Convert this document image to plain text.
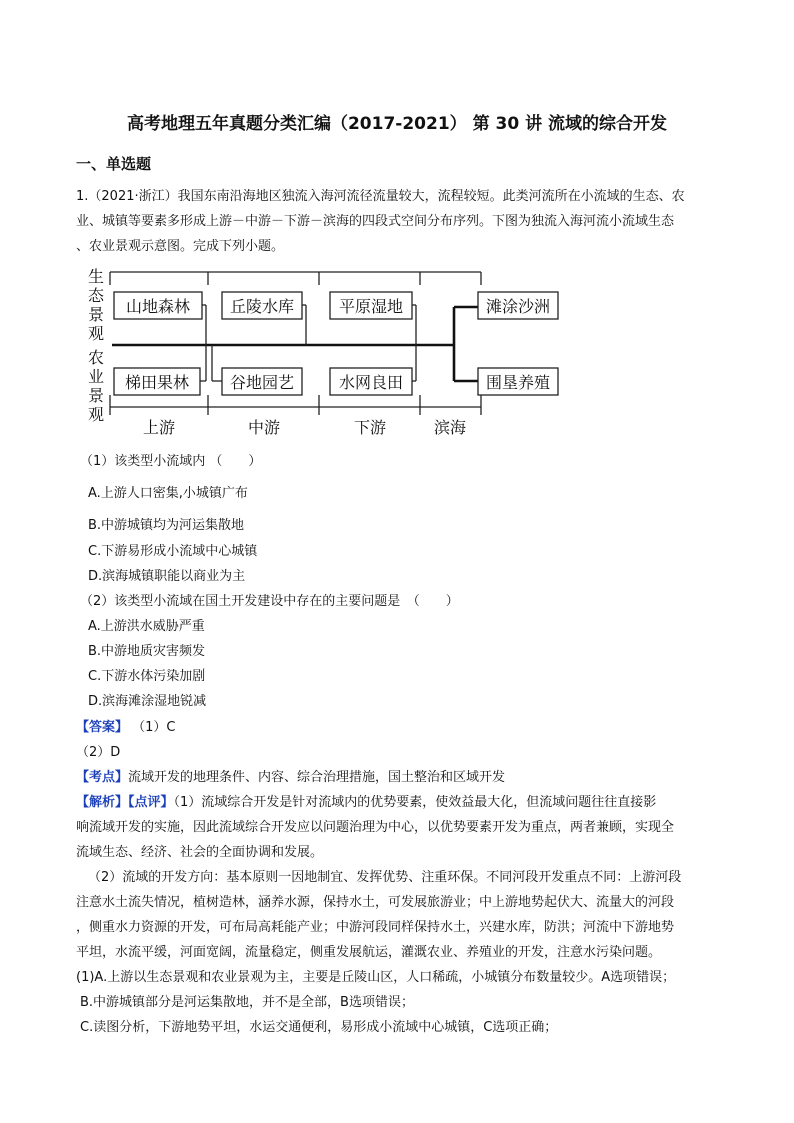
高考地理五年真题分类汇编（2017-2021） 第 30 讲 流域的综合开发
一、单选题
1.（2021·浙江）我国东南沿海地区独流入海河流径流量较大，流程较短。此类河流所在小流域的生态、农
业、城镇等要素多形成上游－中游－下游－滨海的四段式空间分布序列。下图为独流入海河流小流域生态
、农业景观示意图。完成下列小题。
生
态
景
观
农
业
景
观
山地森林 丘陵水库	平原湿地	滩涂沙洲
梯田果林	谷地园艺	水网良田	围垦养殖
上游	中游	下游	滨海
（1）该类型小流域内 （　　）
A.上游人口密集,小城镇广布
B.中游城镇均为河运集散地
C.下游易形成小流域中心城镇
D.滨海城镇职能以商业为主
（2）该类型小流域在国土开发建设中存在的主要问题是　（　　）
A.上游洪水威胁严重
B.中游地质灾害频发
C.下游水体污染加剧
D.滨海滩涂湿地锐减
【答案】 （1）C
（2）D
【考点】流域开发的地理条件、内容、综合治理措施，国土整治和区域开发
【解析】【点评】（1）流域综合开发是针对流域内的优势要素，使效益最大化，但流域问题往往直接影
响流域开发的实施，因此流域综合开发应以问题治理为中心，以优势要素开发为重点，两者兼顾，实现全
流域生态、经济、社会的全面协调和发展。
（2）流域的开发方向：基本原则一因地制宜、发挥优势、注重环保。不同河段开发重点不同：上游河段
注意水土流失情况，植树造林，涵养水源，保持水土，可发展旅游业；中上游地势起伏大、流量大的河段
，侧重水力资源的开发，可布局高耗能产业；中游河段同样保持水土，兴建水库，防洪；河流中下游地势
平坦，水流平缓，河面宽阔，流量稳定，侧重发展航运，灌溉农业、养殖业的开发，注意水污染问题。
(1)A.上游以生态景观和农业景观为主，主要是丘陵山区，人口稀疏，小城镇分布数量较少。A选项错误；
B.中游城镇部分是河运集散地，并不是全部，B选项错误；
C.读图分析，下游地势平坦，水运交通便利，易形成小流域中心城镇，C选项正确；
